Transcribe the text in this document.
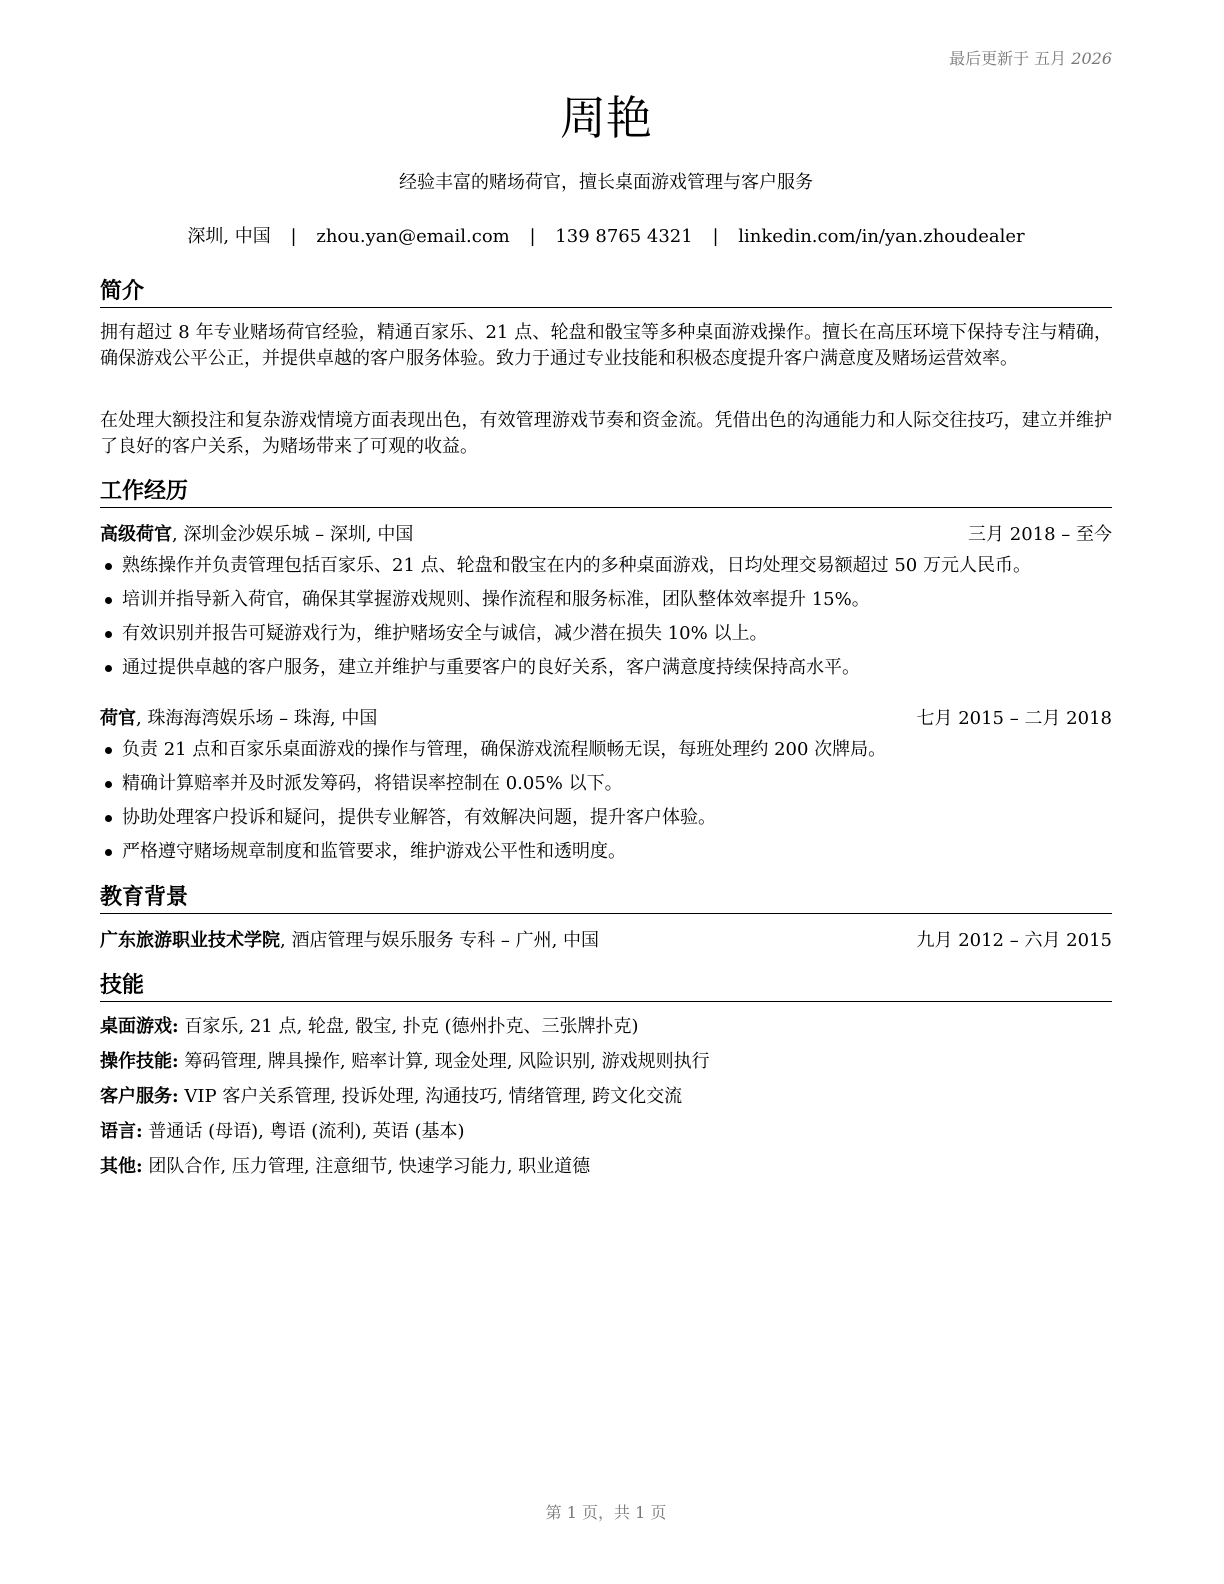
最后更新于 五月 2026
周艳
经验丰富的赌场荷官，擅长桌面游戏管理与客户服务
深圳, 中国 | zhou.yan@email.com | 139 8765 4321 | linkedin.com/in/yan.zhoudealer
简介

拥有超过 8 年专业赌场荷官经验，精通百家乐、21 点、轮盘和骰宝等多种桌面游戏操作。擅长在高压环境下保持专注与精确，确保游戏公平公正，并提供卓越的客户服务体验。致力于通过专业技能和积极态度提升客户满意度及赌场运营效率。

在处理大额投注和复杂游戏情境方面表现出色，有效管理游戏节奏和资金流。凭借出色的沟通能力和人际交往技巧，建立并维护了良好的客户关系，为赌场带来了可观的收益。

工作经历
高级荷官, 深圳金沙娱乐城 – 深圳, 中国	三月 2018 – 至今
熟练操作并负责管理包括百家乐、21 点、轮盘和骰宝在内的多种桌面游戏，日均处理交易额超过 50 万元人民币。
培训并指导新入荷官，确保其掌握游戏规则、操作流程和服务标准，团队整体效率提升 15%。
有效识别并报告可疑游戏行为，维护赌场安全与诚信，减少潜在损失 10% 以上。
通过提供卓越的客户服务，建立并维护与重要客户的良好关系，客户满意度持续保持高水平。
荷官, 珠海海湾娱乐场 – 珠海, 中国	七月 2015 – 二月 2018
负责 21 点和百家乐桌面游戏的操作与管理，确保游戏流程顺畅无误，每班处理约 200 次牌局。
精确计算赔率并及时派发筹码，将错误率控制在 0.05% 以下。
协助处理客户投诉和疑问，提供专业解答，有效解决问题，提升客户体验。
严格遵守赌场规章制度和监管要求，维护游戏公平性和透明度。
教育背景
广东旅游职业技术学院, 酒店管理与娱乐服务 专科 – 广州, 中国	九月 2012 – 六月 2015
技能
桌面游戏: 百家乐, 21 点, 轮盘, 骰宝, 扑克 (德州扑克、三张牌扑克)
操作技能: 筹码管理, 牌具操作, 赔率计算, 现金处理, 风险识别, 游戏规则执行
客户服务: VIP 客户关系管理, 投诉处理, 沟通技巧, 情绪管理, 跨文化交流
语言: 普通话 (母语), 粤语 (流利), 英语 (基本)
其他: 团队合作, 压力管理, 注意细节, 快速学习能力, 职业道德
第 1 页，共 1 页
